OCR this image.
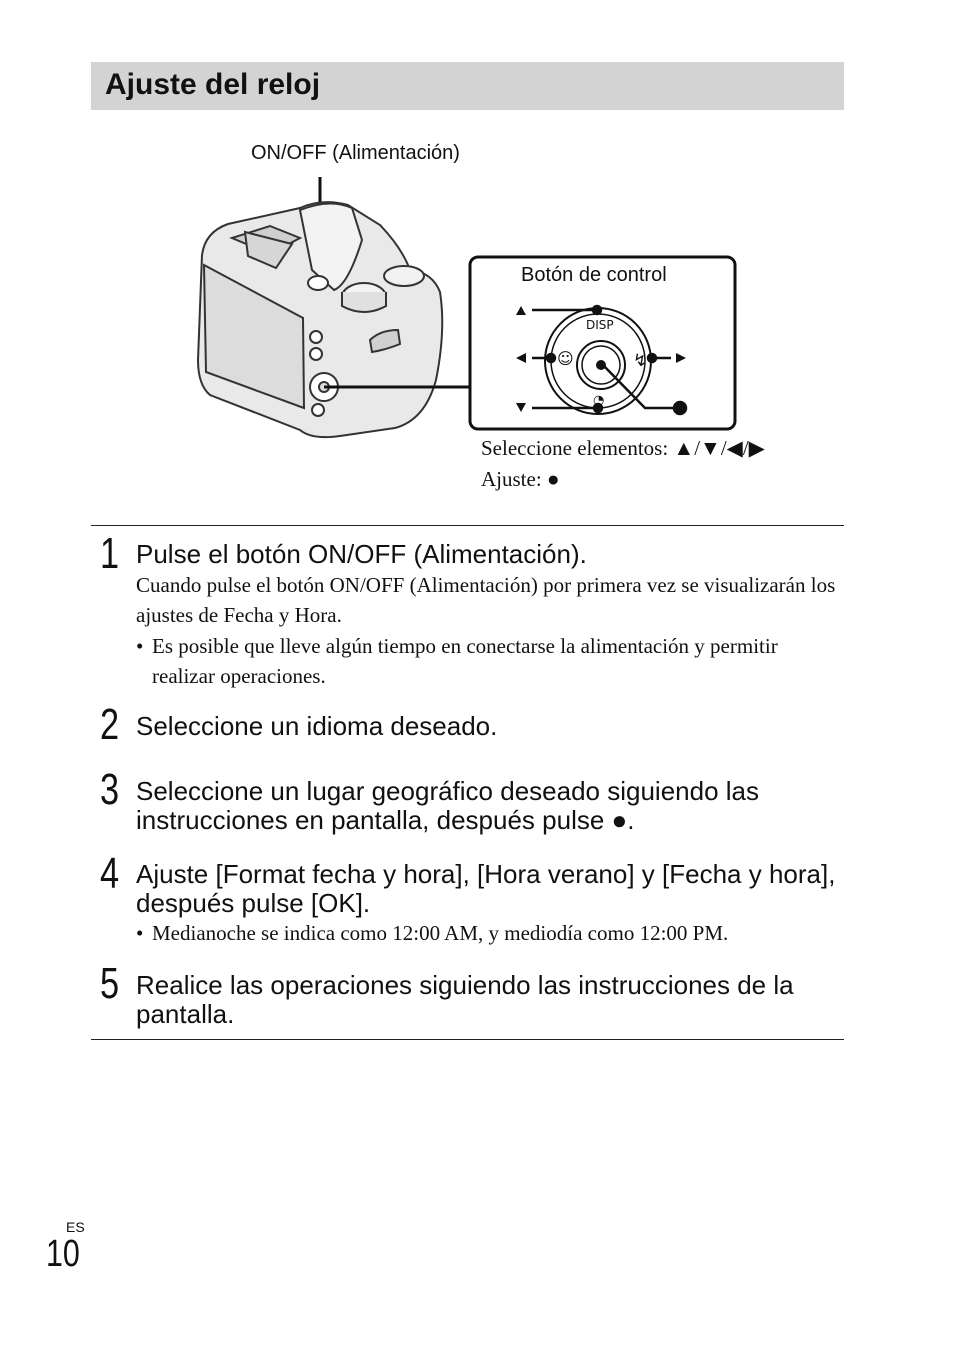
Ajuste del reloj
ON/OFF (Alimentación)
DISP
☺	↯
◔
Botón de control
Seleccione elementos: ▲/▼/◀/▶
Ajuste: ●
1 Pulse el botón ON/OFF (Alimentación).
Cuando pulse el botón ON/OFF (Alimentación) por primera vez se visualizarán los ajustes de Fecha y Hora.
• Es posible que lleve algún tiempo en conectarse la alimentación y permitir realizar operaciones.
2 Seleccione un idioma deseado.
3 Seleccione un lugar geográfico deseado siguiendo las instrucciones en pantalla, después pulse ●.
4 Ajuste [Format fecha y hora], [Hora verano] y [Fecha y hora], después pulse [OK].
• Medianoche se indica como 12:00 AM, y mediodía como 12:00 PM.
5 Realice las operaciones siguiendo las instrucciones de la pantalla.
ES
10
